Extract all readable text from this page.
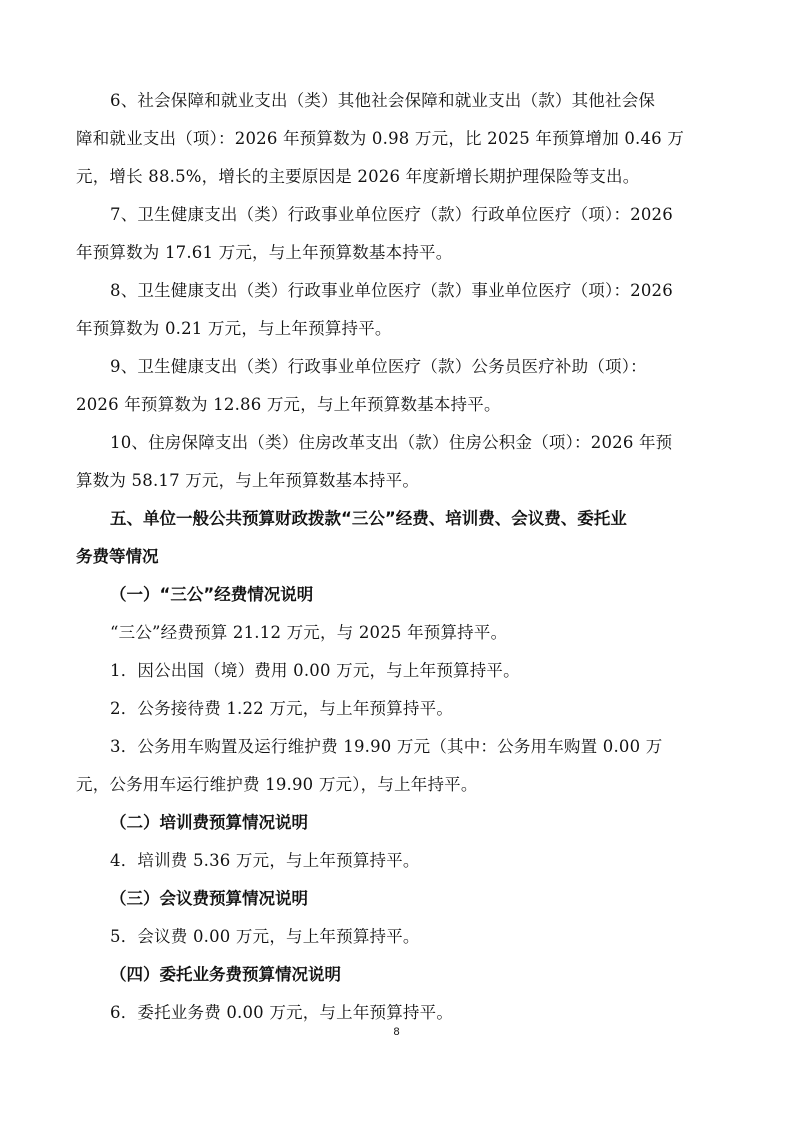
6、社会保障和就业支出（类）其他社会保障和就业支出（款）其他社会保
障和就业支出（项）：2026 年预算数为 0.98 万元，比 2025 年预算增加 0.46 万
元，增长 88.5%，增长的主要原因是 2026 年度新增长期护理保险等支出。
7、卫生健康支出（类）行政事业单位医疗（款）行政单位医疗（项）：2026
年预算数为 17.61 万元，与上年预算数基本持平。
8、卫生健康支出（类）行政事业单位医疗（款）事业单位医疗（项）：2026
年预算数为 0.21 万元，与上年预算持平。
9、卫生健康支出（类）行政事业单位医疗（款）公务员医疗补助（项）：
2026 年预算数为 12.86 万元，与上年预算数基本持平。
10、住房保障支出（类）住房改革支出（款）住房公积金（项）：2026 年预
算数为 58.17 万元，与上年预算数基本持平。
五、单位一般公共预算财政拨款“三公”经费、培训费、会议费、委托业
务费等情况
（一）“三公”经费情况说明
“三公”经费预算 21.12 万元，与 2025 年预算持平。
1．因公出国（境）费用 0.00 万元，与上年预算持平。
2．公务接待费 1.22 万元，与上年预算持平。
3．公务用车购置及运行维护费 19.90 万元（其中：公务用车购置 0.00 万
元，公务用车运行维护费 19.90 万元），与上年持平。
（二）培训费预算情况说明
4．培训费 5.36 万元，与上年预算持平。
（三）会议费预算情况说明
5．会议费 0.00 万元，与上年预算持平。
（四）委托业务费预算情况说明
6．委托业务费 0.00 万元，与上年预算持平。
8
